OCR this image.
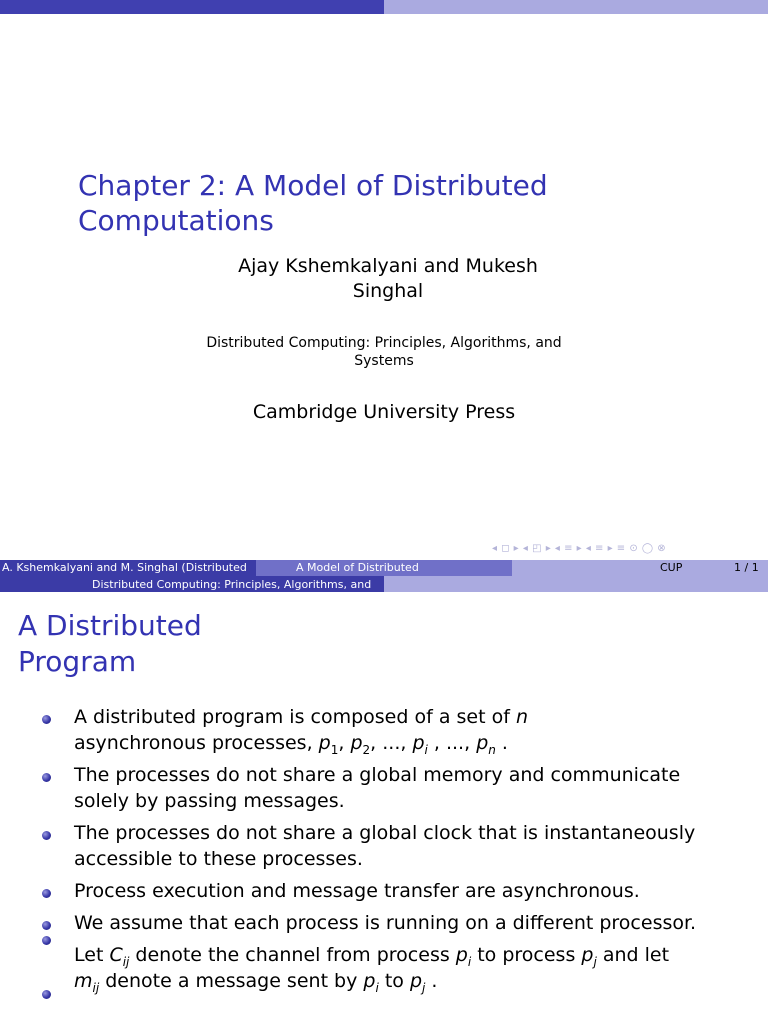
Chapter 2: A Model of Distributed Computations
Ajay Kshemkalyani and Mukesh Singhal
Distributed Computing: Principles, Algorithms, and Systems
Cambridge University Press
◂ ◻ ▸ ◂ ◰ ▸ ◂ ≡ ▸ ◂ ≡ ▸ ≡ ⊙ ◯ ⊗
A. Kshemkalyani and M. Singhal (Distributed	A Model of Distributed	CUP	1 / 1
Distributed Computing: Principles, Algorithms, and
A Distributed Program
A distributed program is composed of a set of n
asynchronous processes, $p_1$, $p_2$, ..., $p_i$ , ..., $p_n$ .
The processes do not share a global memory and communicate solely by passing messages.
The processes do not share a global clock that is instantaneously accessible to these processes.
Process execution and message transfer are asynchronous.
We assume that each process is running on a different processor.
Let $C_{ij}$ denote the channel from process $p_i$ to process $p_j$ and let
$m_{ij}$ denote a message sent by $p_i$ to $p_j$ .
